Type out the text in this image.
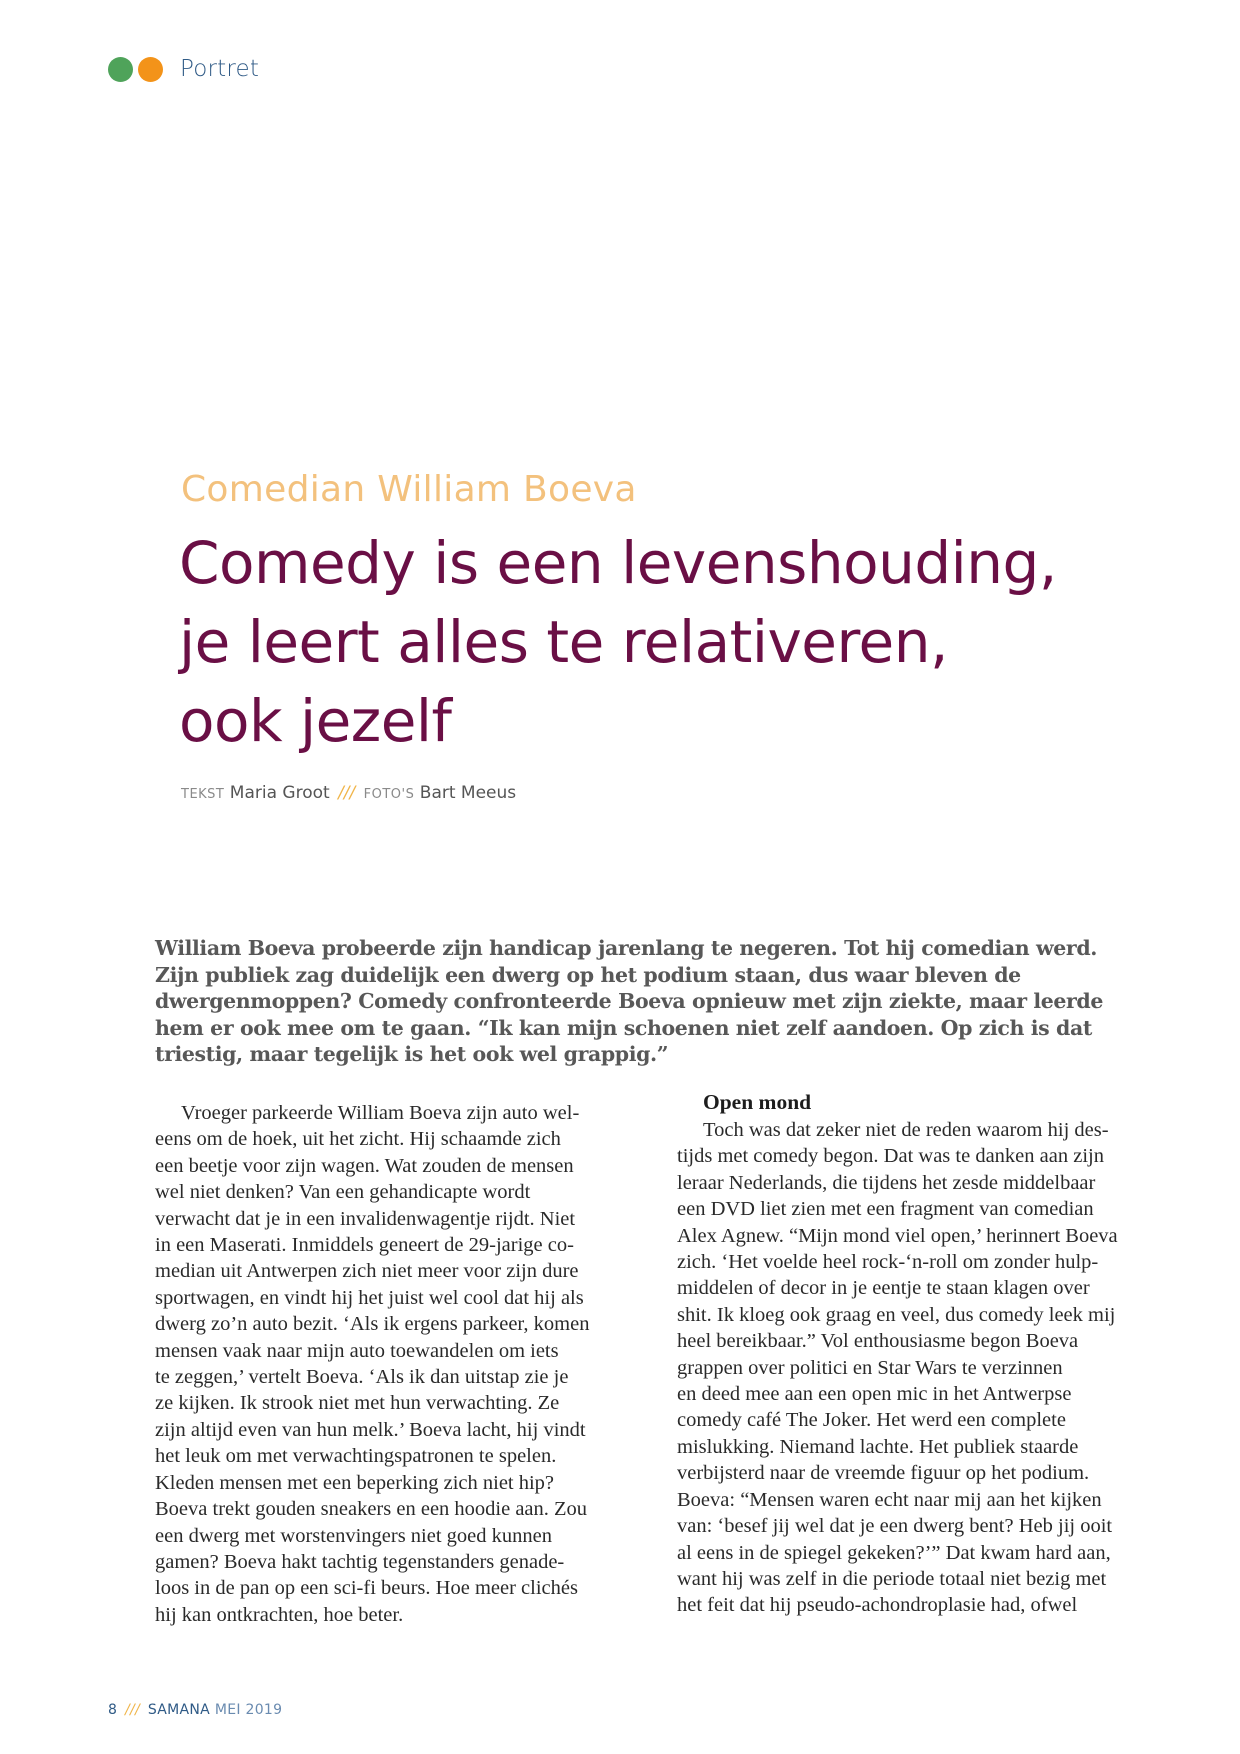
Portret
Comedian William Boeva
Comedy is een levenshouding,
je leert alles te relativeren,
ook jezelf
TEKST Maria Groot /// FOTO'S Bart Meeus

William Boeva probeerde zijn handicap jarenlang te negeren. Tot hij comedian werd. Zijn publiek zag duidelijk een dwerg op het podium staan, dus waar bleven de dwergenmoppen? Comedy confronteerde Boeva opnieuw met zijn ziekte, maar leerde hem er ook mee om te gaan. “Ik kan mijn schoenen niet zelf aandoen. Op zich is dat triestig, maar tegelijk is het ook wel grappig.”

Vroeger parkeerde William Boeva zijn auto wel-
eens om de hoek, uit het zicht. Hij schaamde zich
een beetje voor zijn wagen. Wat zouden de mensen
wel niet denken? Van een gehandicapte wordt
verwacht dat je in een invalidenwagentje rijdt. Niet
in een Maserati. Inmiddels geneert de 29-jarige co-
median uit Antwerpen zich niet meer voor zijn dure
sportwagen, en vindt hij het juist wel cool dat hij als
dwerg zo’n auto bezit. ‘Als ik ergens parkeer, komen
mensen vaak naar mijn auto toewandelen om iets
te zeggen,’ vertelt Boeva. ‘Als ik dan uitstap zie je
ze kijken. Ik strook niet met hun verwachting. Ze
zijn altijd even van hun melk.’ Boeva lacht, hij vindt
het leuk om met verwachtingspatronen te spelen.
Kleden mensen met een beperking zich niet hip?
Boeva trekt gouden sneakers en een hoodie aan. Zou
een dwerg met worstenvingers niet goed kunnen
gamen? Boeva hakt tachtig tegenstanders genade-
loos in de pan op een sci-fi beurs. Hoe meer clichés
hij kan ontkrachten, hoe beter.

Open mond

Toch was dat zeker niet de reden waarom hij des-
tijds met comedy begon. Dat was te danken aan zijn
leraar Nederlands, die tijdens het zesde middelbaar
een DVD liet zien met een fragment van comedian
Alex Agnew. “Mijn mond viel open,’ herinnert Boeva
zich. ‘Het voelde heel rock-‘n-roll om zonder hulp-
middelen of decor in je eentje te staan klagen over
shit. Ik kloeg ook graag en veel, dus comedy leek mij
heel bereikbaar.” Vol enthousiasme begon Boeva
grappen over politici en Star Wars te verzinnen
en deed mee aan een open mic in het Antwerpse
comedy café The Joker. Het werd een complete
mislukking. Niemand lachte. Het publiek staarde
verbijsterd naar de vreemde figuur op het podium.
Boeva: “Mensen waren echt naar mij aan het kijken
van: ‘besef jij wel dat je een dwerg bent? Heb jij ooit
al eens in de spiegel gekeken?’” Dat kwam hard aan,
want hij was zelf in die periode totaal niet bezig met
het feit dat hij pseudo-achondroplasie had, ofwel

8 /// SAMANA MEI 2019
